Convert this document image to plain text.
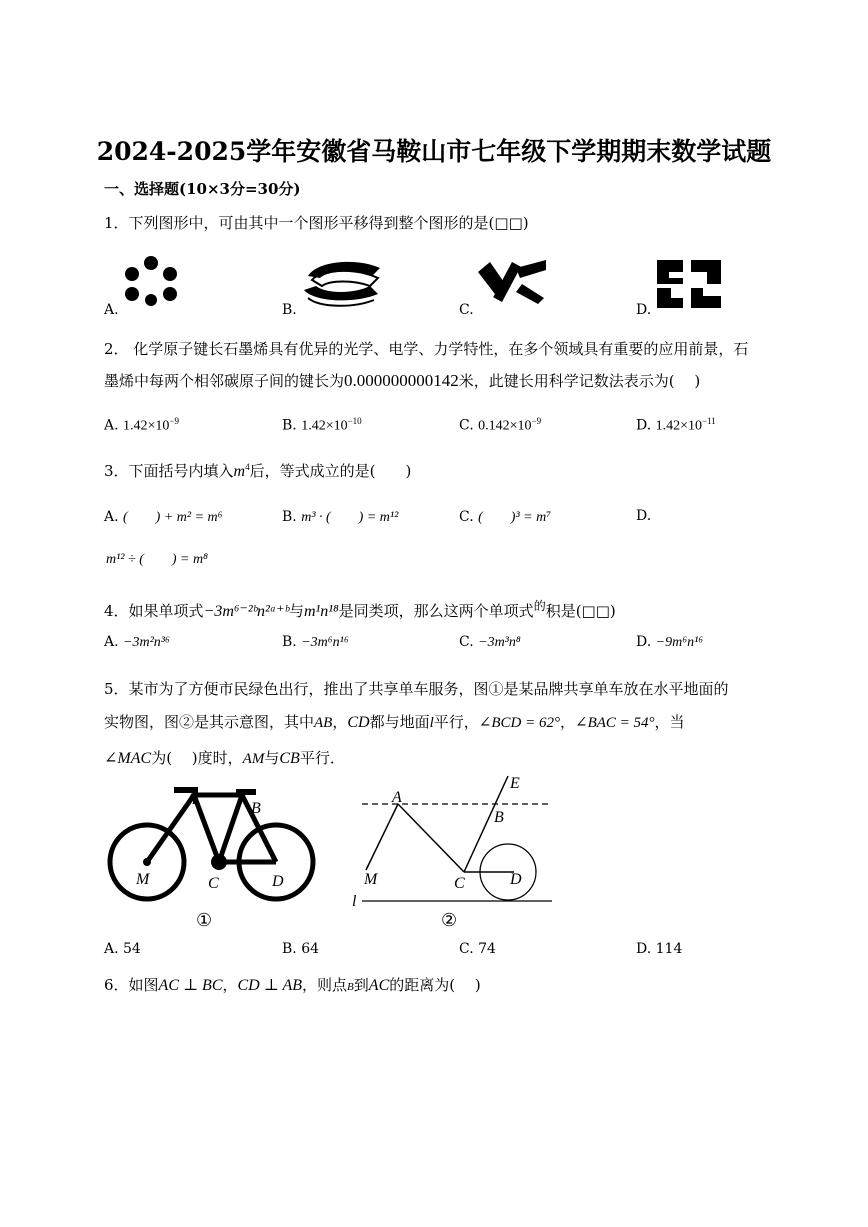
2024-2025学年安徽省马鞍山市七年级下学期期末数学试题
一、选择题(10×3分=30分)
1．下列图形中，可由其中一个图形平移得到整个图形的是(□□)
A.	B.	C.	D.
2． 化学原子键长石墨烯具有优异的光学、电学、力学特性，在多个领域具有重要的应用前景，石
墨烯中每两个相邻碳原子间的键长为0.000000000142米，此键长用科学记数法表示为(　 )
A. $1.42\times 10^{-9}$	B. $1.42\times 10^{-10}$	C. $0.142\times 10^{-9}$	D. $1.42\times 10^{-11}$
3．下面括号内填入$m^4$后，等式成立的是(　　)
A. (　　) + m² = m⁶	B. m³ · (　　) = m¹²	C. (　　)³ = m⁷	D.
m¹² ÷ (　　) = m⁸
4．如果单项式−3m⁶⁻²ᵇn²ᵃ⁺ᵇ与m¹n¹⁸是同类项，那么这两个单项式$^的$积是(□□)
A. −3m²n³⁶	B. −3m⁶n¹⁶	C. −3m³n⁸	D. −9m⁶n¹⁶
5．某市为了方便市民绿色出行，推出了共享单车服务，图①是某品牌共享单车放在水平地面的
实物图，图②是其示意图，其中AB，CD都与地面l平行，∠BCD = 62°，∠BAC = 54°，当
∠MAC为(　 )度时，AM与CB平行．
A
B
M	C	D
①
E
A
B
M	C	D
l
②
A. 54	B. 64	C. 74	D. 114
6．如图AC ⊥ BC，CD ⊥ AB，则点B到AC的距离为(　 )
